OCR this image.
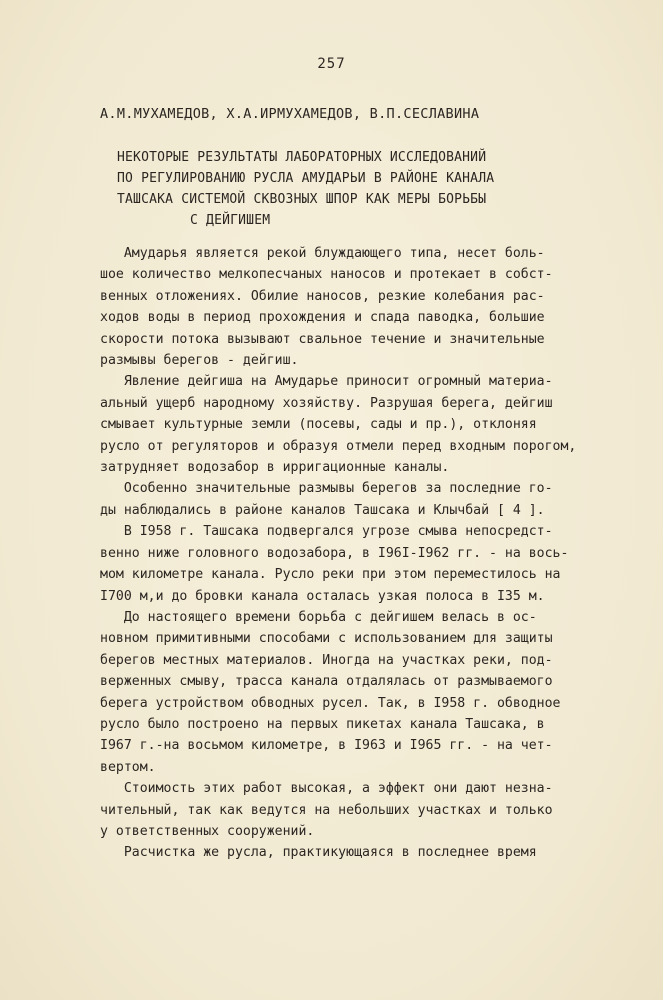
257
А.М.МУХАМЕДОВ, Х.А.ИРМУХАМЕДОВ, В.П.СЕСЛАВИНА
НЕКОТОРЫЕ РЕЗУЛЬТАТЫ ЛАБОРАТОРНЫХ ИССЛЕДОВАНИЙ
ПО РЕГУЛИРОВАНИЮ РУСЛА АМУДАРЬИ В РАЙОНЕ КАНАЛА
ТАШСАКА СИСТЕМОЙ СКВОЗНЫХ ШПОР КАК МЕРЫ БОРЬБЫ
С ДЕЙГИШЕМ
Амударья является рекой блуждающего типа, несет боль-
шое количество мелкопесчаных наносов и протекает в собст-
венных отложениях. Обилие наносов, резкие колебания рас-
ходов воды в период прохождения и спада паводка, большие
скорости потока вызывают свальное течение и значительные
размывы берегов - дейгиш.
Явление дейгиша на Амударье приносит огромный материа-
альный ущерб народному хозяйству. Разрушая берега, дейгиш
смывает культурные земли (посевы, сады и пр.), отклоняя
русло от регуляторов и образуя отмели перед входным порогом,
затрудняет водозабор в ирригационные каналы.
Особенно значительные размывы берегов за последние го-
ды наблюдались в районе каналов Ташсака и Клычбай [ 4 ].
В I958 г. Ташсака подвергался угрозе смыва непосредст-
венно ниже головного водозабора, в I96I-I962 гг. - на вось-
мом километре канала. Русло реки при этом переместилось на
I700 м,и до бровки канала осталась узкая полоса в I35 м.
До настоящего времени борьба с дейгишем велась в ос-
новном примитивными способами с использованием для защиты
берегов местных материалов. Иногда на участках реки, под-
верженных смыву, трасса канала отдалялась от размываемого
берега устройством обводных русел. Так, в I958 г. обводное
русло было построено на первых пикетах канала Ташсака, в
I967 г.-на восьмом километре, в I963 и I965 гг. - на чет-
вертом.
Стоимость этих работ высокая, а эффект они дают незна-
чительный, так как ведутся на небольших участках и только
у ответственных сооружений.
Расчистка же русла, практикующаяся в последнее время
